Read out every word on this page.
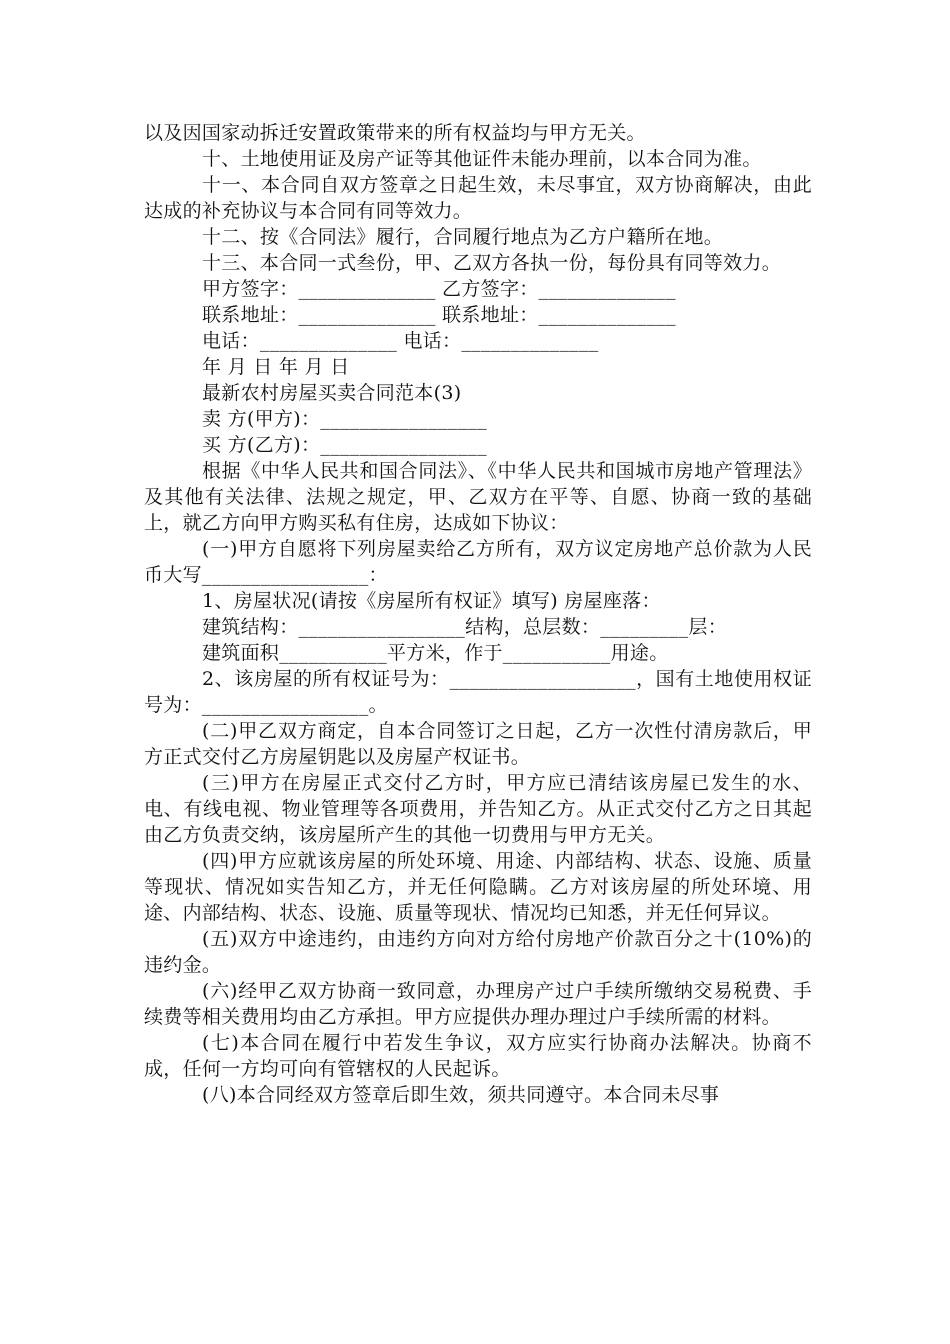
以及因国家动拆迁安置政策带来的所有权益均与甲方无关。

十、土地使用证及房产证等其他证件未能办理前，以本合同为准。

十一、本合同自双方签章之日起生效，未尽事宜，双方协商解决，由此达成的补充协议与本合同有同等效力。

十二、按《合同法》履行，合同履行地点为乙方户籍所在地。

十三、本合同一式叁份，甲、乙双方各执一份，每份具有同等效力。

甲方签字：______________ 乙方签字：______________

联系地址：______________ 联系地址：______________

电话：______________ 电话：______________

年 月 日 年 月 日

最新农村房屋买卖合同范本(3)

卖 方(甲方)：_________________

买 方(乙方)：_________________

根据《中华人民共和国合同法》、《中华人民共和国城市房地产管理法》及其他有关法律、法规之规定，甲、乙双方在平等、自愿、协商一致的基础上，就乙方向甲方购买私有住房，达成如下协议：

(一)甲方自愿将下列房屋卖给乙方所有，双方议定房地产总价款为人民币大写_________________：

1、房屋状况(请按《房屋所有权证》填写) 房屋座落：

建筑结构：_________________结构，总层数：_________层：

建筑面积___________平方米，作于___________用途。

2、该房屋的所有权证号为：___________________，国有土地使用权证号为：_________________。

(二)甲乙双方商定，自本合同签订之日起，乙方一次性付清房款后，甲方正式交付乙方房屋钥匙以及房屋产权证书。

(三)甲方在房屋正式交付乙方时，甲方应已清结该房屋已发生的水、电、有线电视、物业管理等各项费用，并告知乙方。从正式交付乙方之日其起由乙方负责交纳，该房屋所产生的其他一切费用与甲方无关。

(四)甲方应就该房屋的所处环境、用途、内部结构、状态、设施、质量等现状、情况如实告知乙方，并无任何隐瞒。乙方对该房屋的所处环境、用途、内部结构、状态、设施、质量等现状、情况均已知悉，并无任何异议。

(五)双方中途违约，由违约方向对方给付房地产价款百分之十(10%)的违约金。

(六)经甲乙双方协商一致同意，办理房产过户手续所缴纳交易税费、手续费等相关费用均由乙方承担。甲方应提供办理办理过户手续所需的材料。

(七)本合同在履行中若发生争议，双方应实行协商办法解决。协商不成，任何一方均可向有管辖权的人民起诉。

(八)本合同经双方签章后即生效，须共同遵守。本合同未尽事
